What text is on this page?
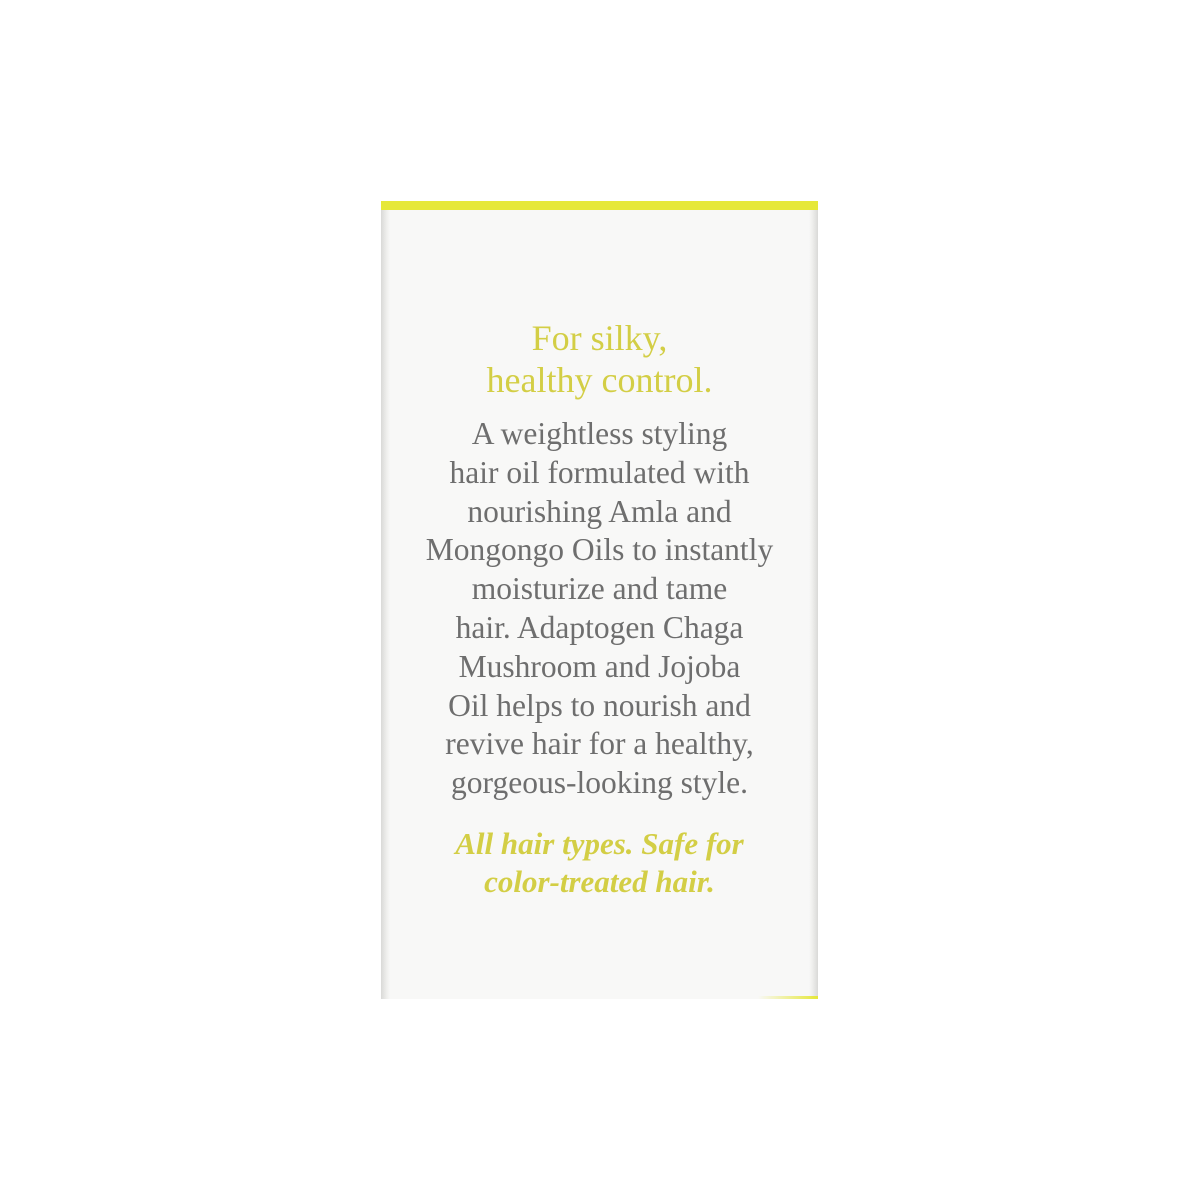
For silky,
healthy control.

A weightless styling
hair oil formulated with
nourishing Amla and
Mongongo Oils to instantly
moisturize and tame
hair. Adaptogen Chaga
Mushroom and Jojoba
Oil helps to nourish and
revive hair for a healthy,
gorgeous-looking style.

All hair types. Safe for
color-treated hair.
